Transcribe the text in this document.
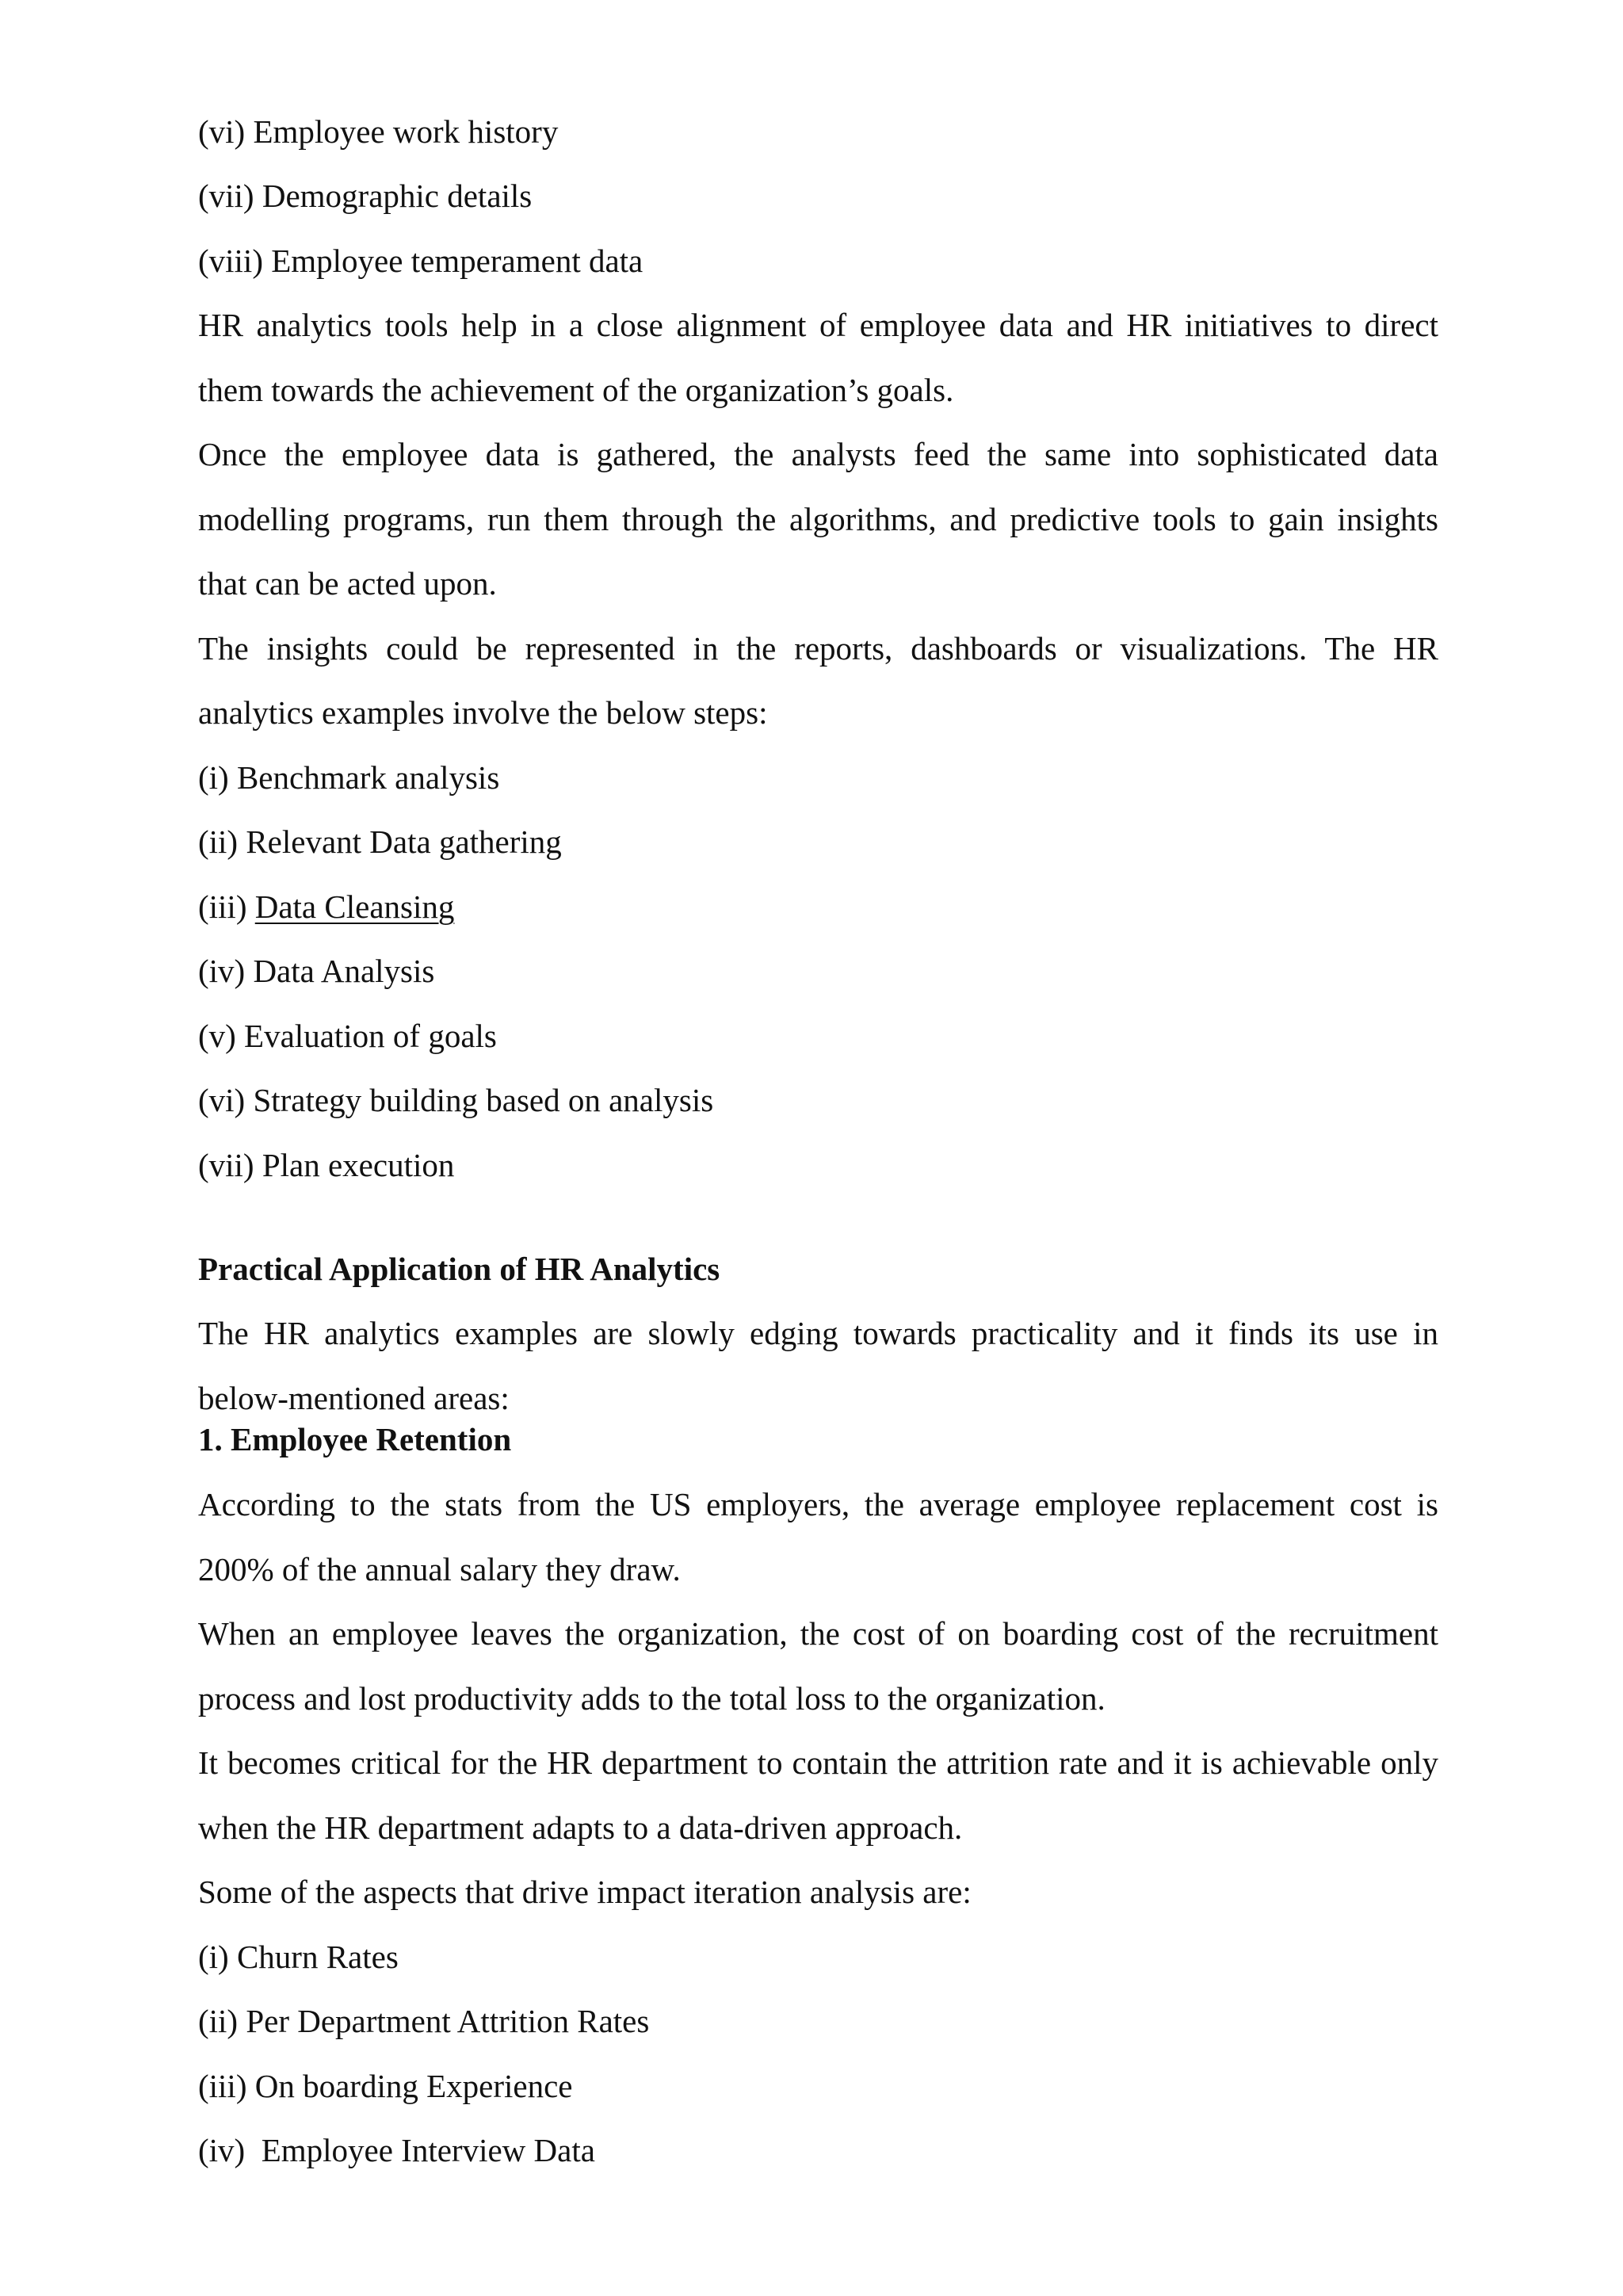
(vi) Employee work history
(vii) Demographic details
(viii) Employee temperament data
HR analytics tools help in a close alignment of employee data and HR initiatives to direct
them towards the achievement of the organization’s goals.
Once the employee data is gathered, the analysts feed the same into sophisticated data
modelling programs, run them through the algorithms, and predictive tools to gain insights
that can be acted upon.
The insights could be represented in the reports, dashboards or visualizations. The HR
analytics examples involve the below steps:
(i) Benchmark analysis
(ii) Relevant Data gathering
(iii) Data Cleansing
(iv) Data Analysis
(v) Evaluation of goals
(vi) Strategy building based on analysis
(vii) Plan execution
Practical Application of HR Analytics
The HR analytics examples are slowly edging towards practicality and it finds its use in
below-mentioned areas:
1. Employee Retention
According to the stats from the US employers, the average employee replacement cost is
200% of the annual salary they draw.
When an employee leaves the organization, the cost of on boarding cost of the recruitment
process and lost productivity adds to the total loss to the organization.
It becomes critical for the HR department to contain the attrition rate and it is achievable only
when the HR department adapts to a data-driven approach.
Some of the aspects that drive impact iteration analysis are:
(i) Churn Rates
(ii) Per Department Attrition Rates
(iii) On boarding Experience
(iv)  Employee Interview Data
